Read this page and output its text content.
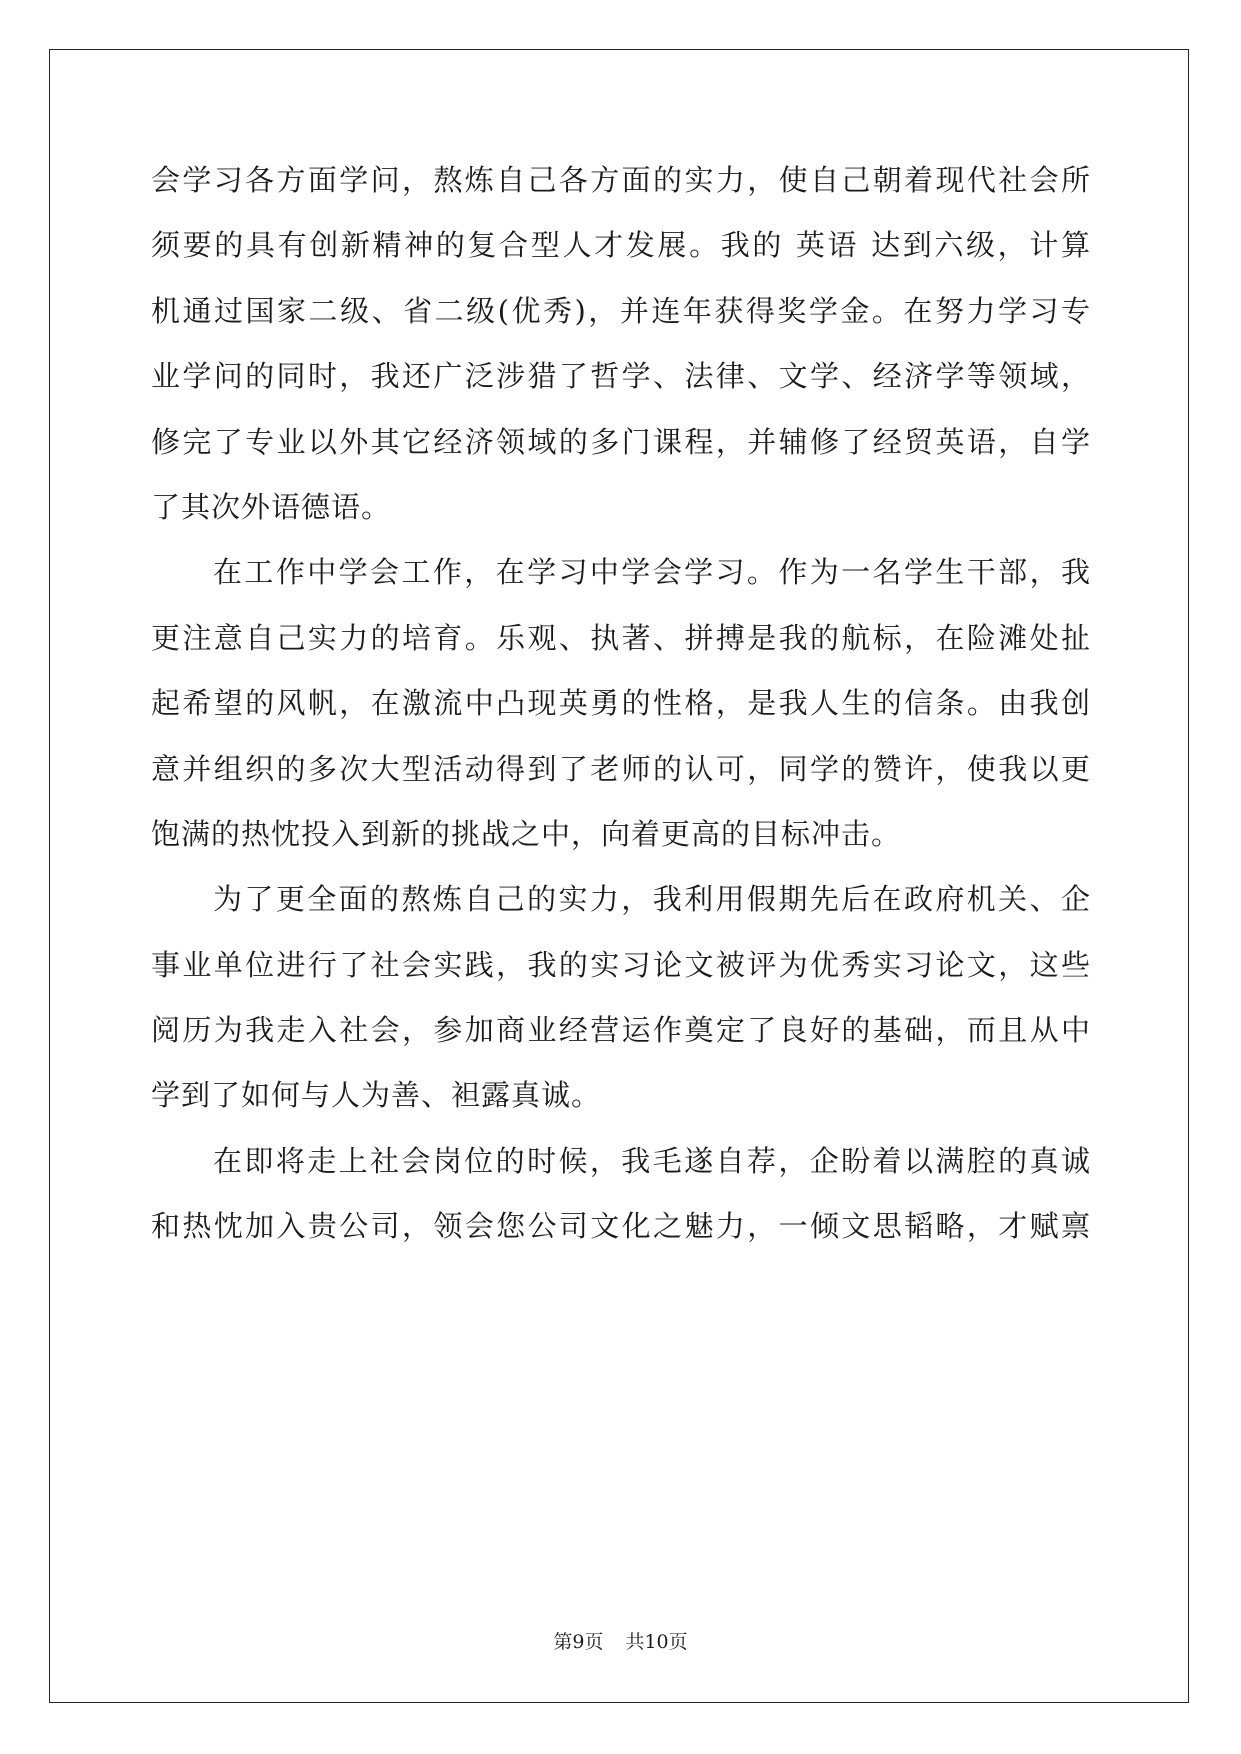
会学习各方面学问，熬炼自己各方面的实力，使自己朝着现代社会所
须要的具有创新精神的复合型人才发展。我的 英语 达到六级，计算
机通过国家二级、省二级(优秀)，并连年获得奖学金。在努力学习专
业学问的同时，我还广泛涉猎了哲学、法律、文学、经济学等领域，
修完了专业以外其它经济领域的多门课程，并辅修了经贸英语，自学
了其次外语德语。
在工作中学会工作，在学习中学会学习。作为一名学生干部，我
更注意自己实力的培育。乐观、执著、拼搏是我的航标，在险滩处扯
起希望的风帆，在激流中凸现英勇的性格，是我人生的信条。由我创
意并组织的多次大型活动得到了老师的认可，同学的赞许，使我以更
饱满的热忱投入到新的挑战之中，向着更高的目标冲击。
为了更全面的熬炼自己的实力，我利用假期先后在政府机关、企
事业单位进行了社会实践，我的实习论文被评为优秀实习论文，这些
阅历为我走入社会，参加商业经营运作奠定了良好的基础，而且从中
学到了如何与人为善、袒露真诚。
在即将走上社会岗位的时候，我毛遂自荐，企盼着以满腔的真诚
和热忱加入贵公司，领会您公司文化之魅力，一倾文思韬略，才赋禀
第9页 共10页
